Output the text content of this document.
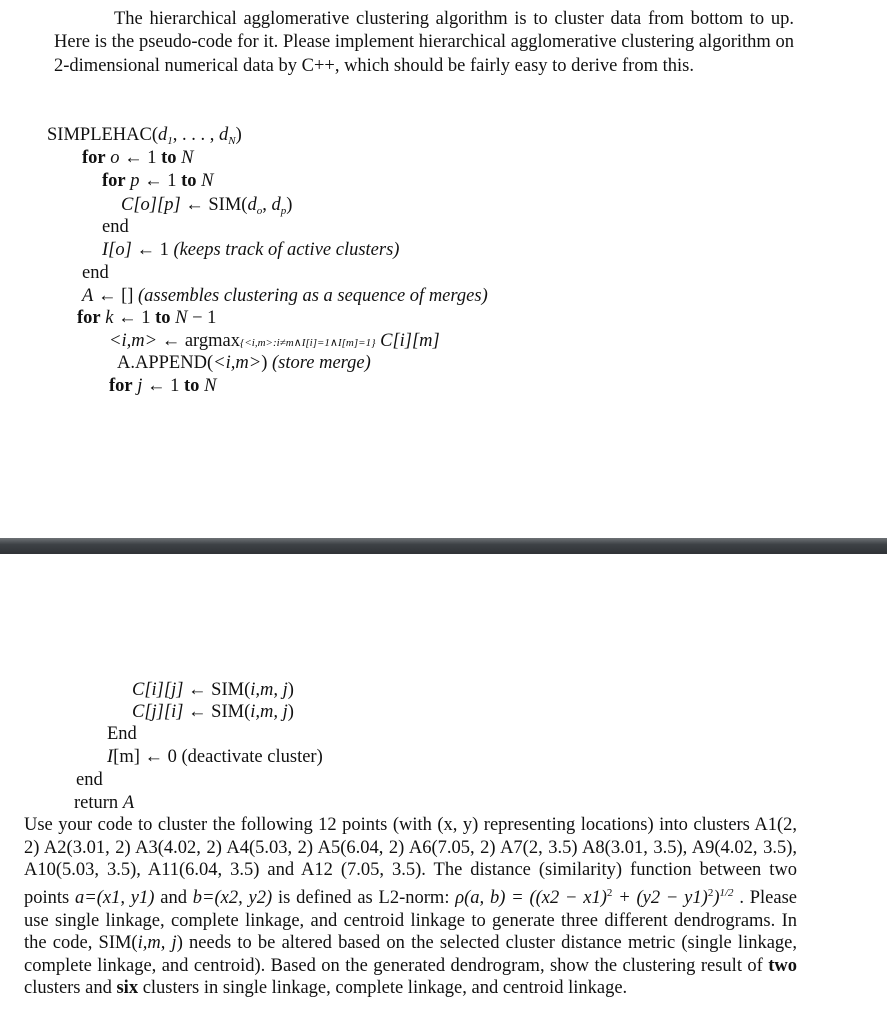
The hierarchical agglomerative clustering algorithm is to cluster data from bottom to up. Here is the pseudo-code for it. Please implement hierarchical agglomerative clustering algorithm on 2-dimensional numerical data by C++, which should be fairly easy to derive from this.
$SIMPLEHAC(d_1$, . . . , $d_N$)
for o ← 1 to N
for p ← 1 to N
C[o][p] ← $SIM(d_o$, $d_p$)
end
I[o] ← 1 (keeps track of active clusters)
end
A ← [] (assembles clustering as a sequence of merges)
for k ← 1 to N − 1
<i,m> ← argmax{<i,m>:i≠m∧I[i]=1∧I[m]=1} C[i][m]
A.APPEND(<i,m>) (store merge)
for j ← 1 to N
C[i][j] ← SIM(i,m, j)
C[j][i] ← SIM(i,m, j)
End
I[m] ← 0 (deactivate cluster)
end
return A
Use your code to cluster the following 12 points (with (x, y) representing locations) into clusters A1(2, 2) A2(3.01, 2) A3(4.02, 2) A4(5.03, 2) A5(6.04, 2) A6(7.05, 2) A7(2, 3.5) A8(3.01, 3.5), A9(4.02, 3.5), A10(5.03, 3.5), A11(6.04, 3.5) and A12 (7.05, 3.5). The distance (similarity) function between two points a=(x1, y1) and b=(x2, y2) is defined as L2-norm: ρ(a, $b) = ((x2 - x1)^2 + (y2 - y1)^2)^{1/2}$ . Please use single linkage, complete linkage, and centroid linkage to generate three different dendrograms. In the code, SIM(i,m, j) needs to be altered based on the selected cluster distance metric (single linkage, complete linkage, and centroid). Based on the generated dendrogram, show the clustering result of two clusters and six clusters in single linkage, complete linkage, and centroid linkage.
